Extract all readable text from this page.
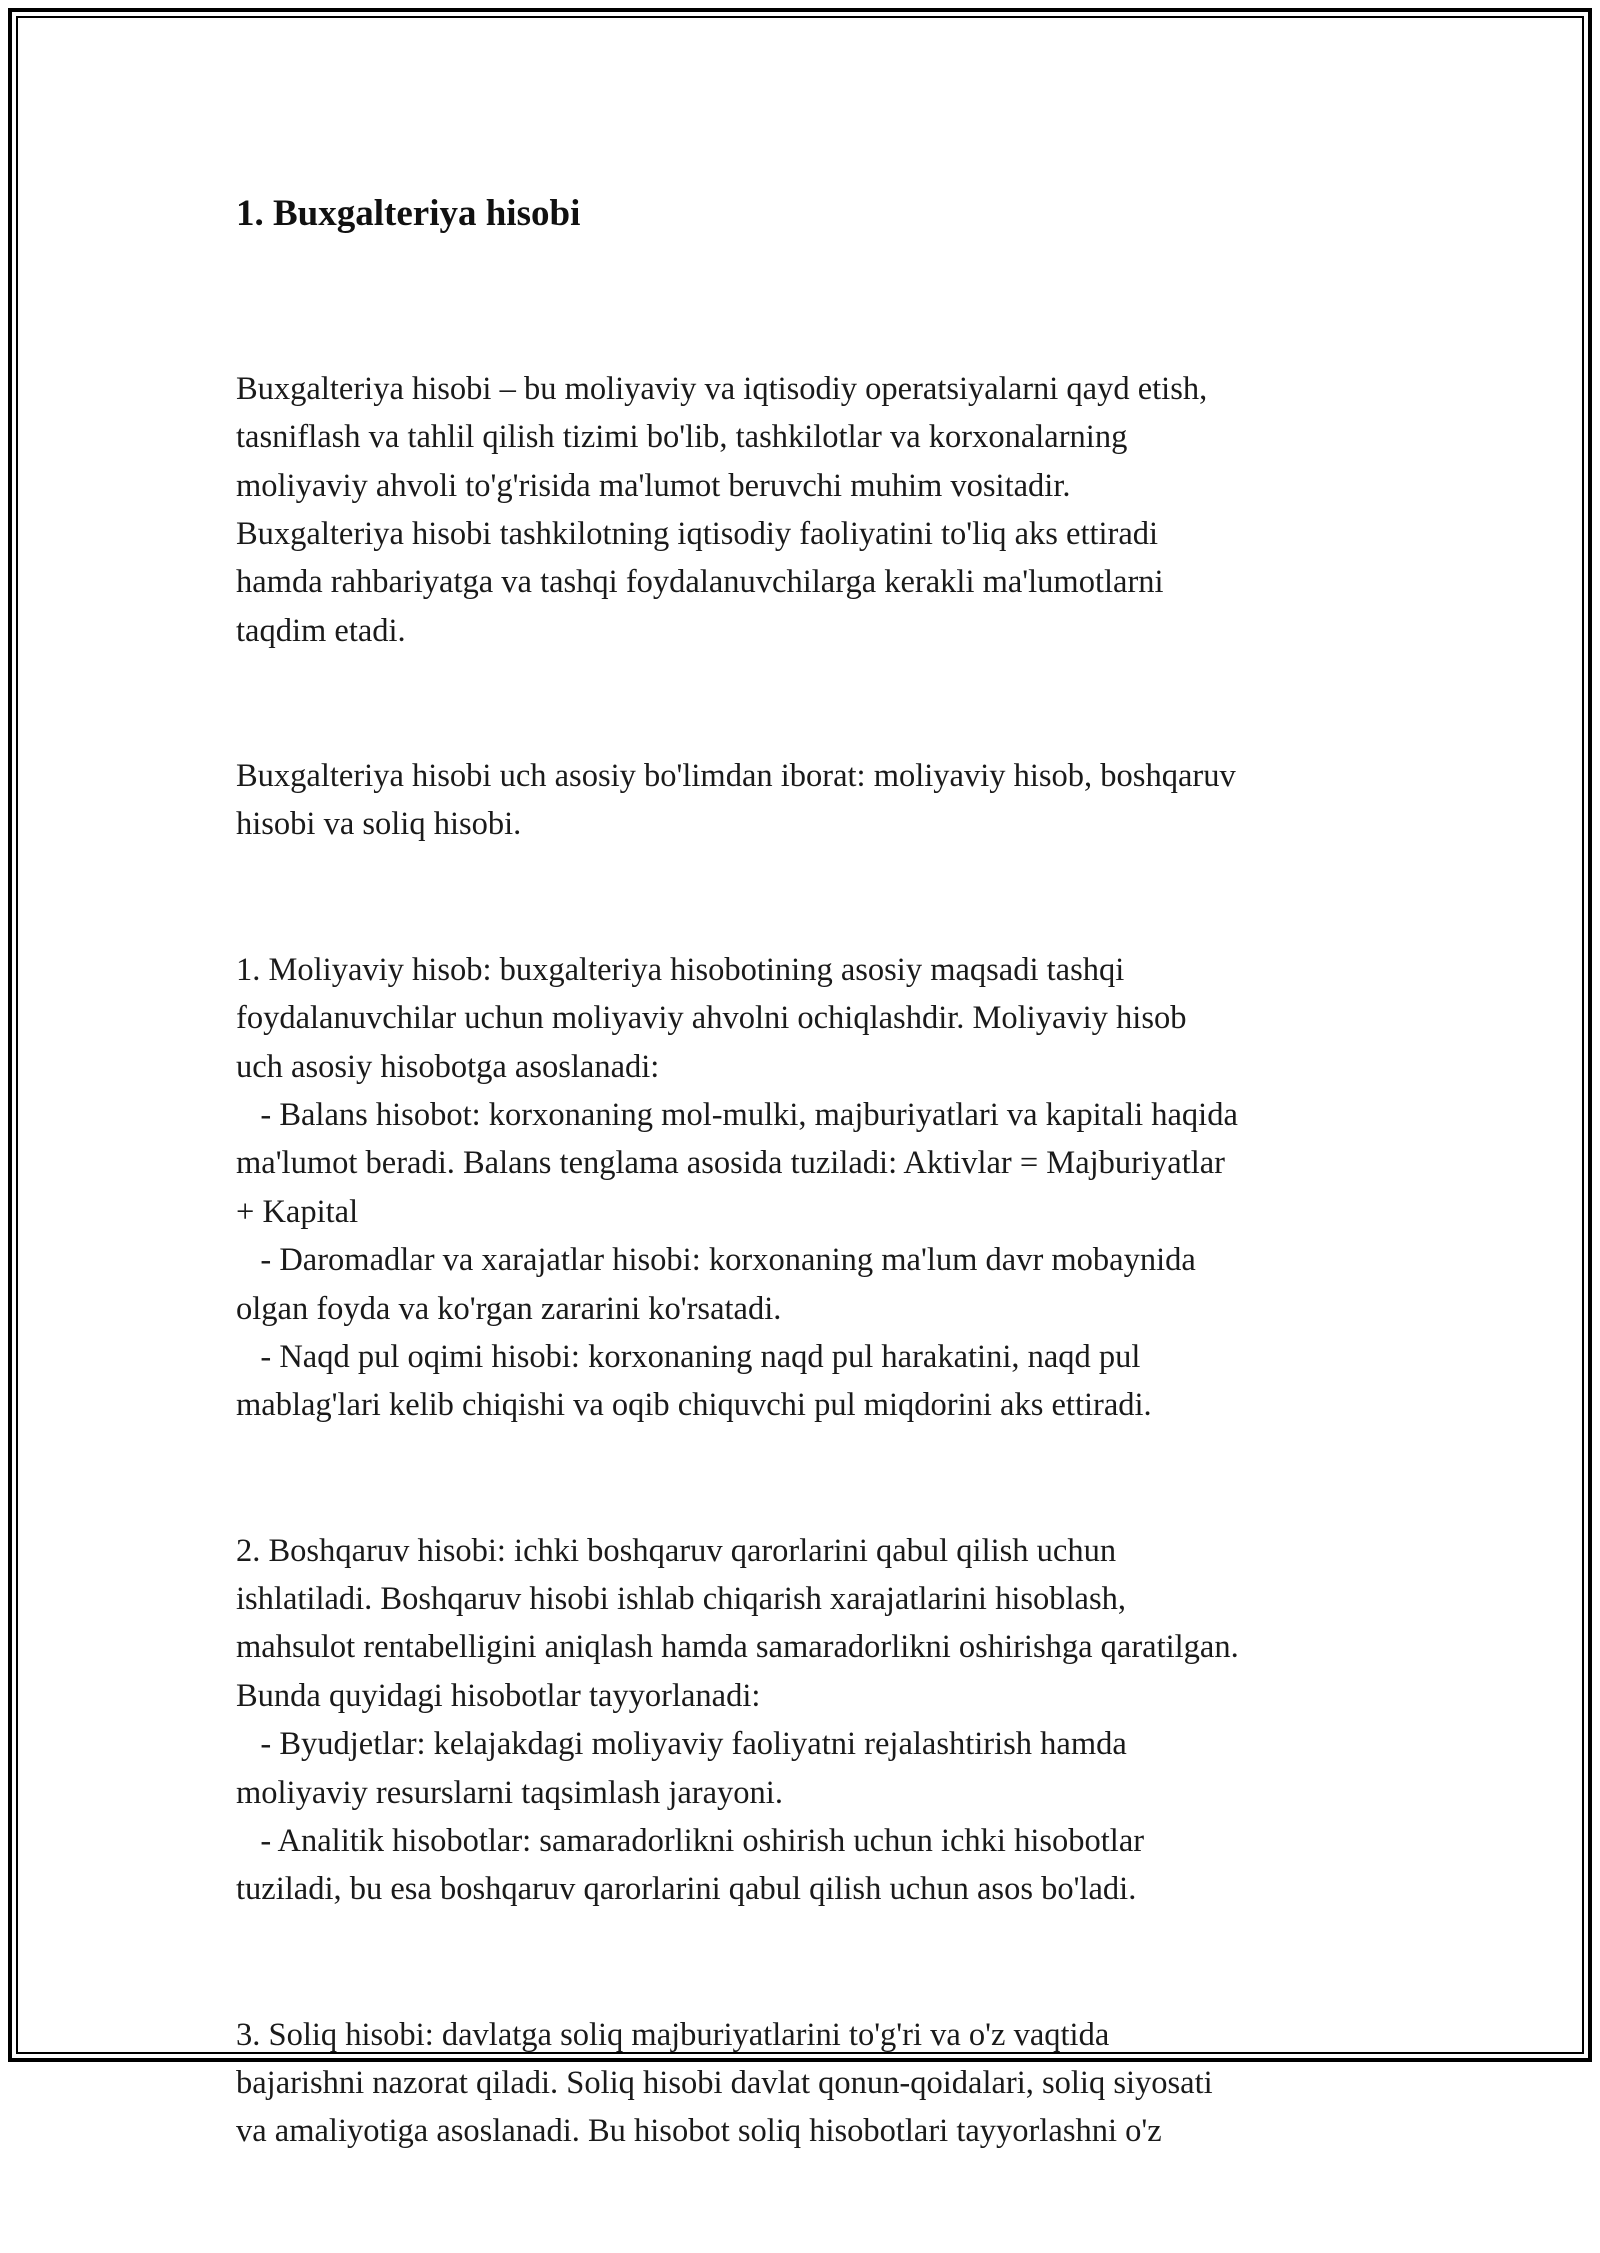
1. Buxgalteriya hisobi

Buxgalteriya hisobi – bu moliyaviy va iqtisodiy operatsiyalarni qayd etish,
tasniflash va tahlil qilish tizimi bo'lib, tashkilotlar va korxonalarning
moliyaviy ahvoli to'g'risida ma'lumot beruvchi muhim vositadir.
Buxgalteriya hisobi tashkilotning iqtisodiy faoliyatini to'liq aks ettiradi
hamda rahbariyatga va tashqi foydalanuvchilarga kerakli ma'lumotlarni
taqdim etadi.

Buxgalteriya hisobi uch asosiy bo'limdan iborat: moliyaviy hisob, boshqaruv
hisobi va soliq hisobi.

1. Moliyaviy hisob: buxgalteriya hisobotining asosiy maqsadi tashqi
foydalanuvchilar uchun moliyaviy ahvolni ochiqlashdir. Moliyaviy hisob
uch asosiy hisobotga asoslanadi:
- Balans hisobot: korxonaning mol-mulki, majburiyatlari va kapitali haqida
ma'lumot beradi. Balans tenglama asosida tuziladi: Aktivlar = Majburiyatlar
+ Kapital
- Daromadlar va xarajatlar hisobi: korxonaning ma'lum davr mobaynida
olgan foyda va ko'rgan zararini ko'rsatadi.
- Naqd pul oqimi hisobi: korxonaning naqd pul harakatini, naqd pul
mablag'lari kelib chiqishi va oqib chiquvchi pul miqdorini aks ettiradi.

2. Boshqaruv hisobi: ichki boshqaruv qarorlarini qabul qilish uchun
ishlatiladi. Boshqaruv hisobi ishlab chiqarish xarajatlarini hisoblash,
mahsulot rentabelligini aniqlash hamda samaradorlikni oshirishga qaratilgan.
Bunda quyidagi hisobotlar tayyorlanadi:
- Byudjetlar: kelajakdagi moliyaviy faoliyatni rejalashtirish hamda
moliyaviy resurslarni taqsimlash jarayoni.
- Analitik hisobotlar: samaradorlikni oshirish uchun ichki hisobotlar
tuziladi, bu esa boshqaruv qarorlarini qabul qilish uchun asos bo'ladi.

3. Soliq hisobi: davlatga soliq majburiyatlarini to'g'ri va o'z vaqtida
bajarishni nazorat qiladi. Soliq hisobi davlat qonun-qoidalari, soliq siyosati
va amaliyotiga asoslanadi. Bu hisobot soliq hisobotlari tayyorlashni o'z
